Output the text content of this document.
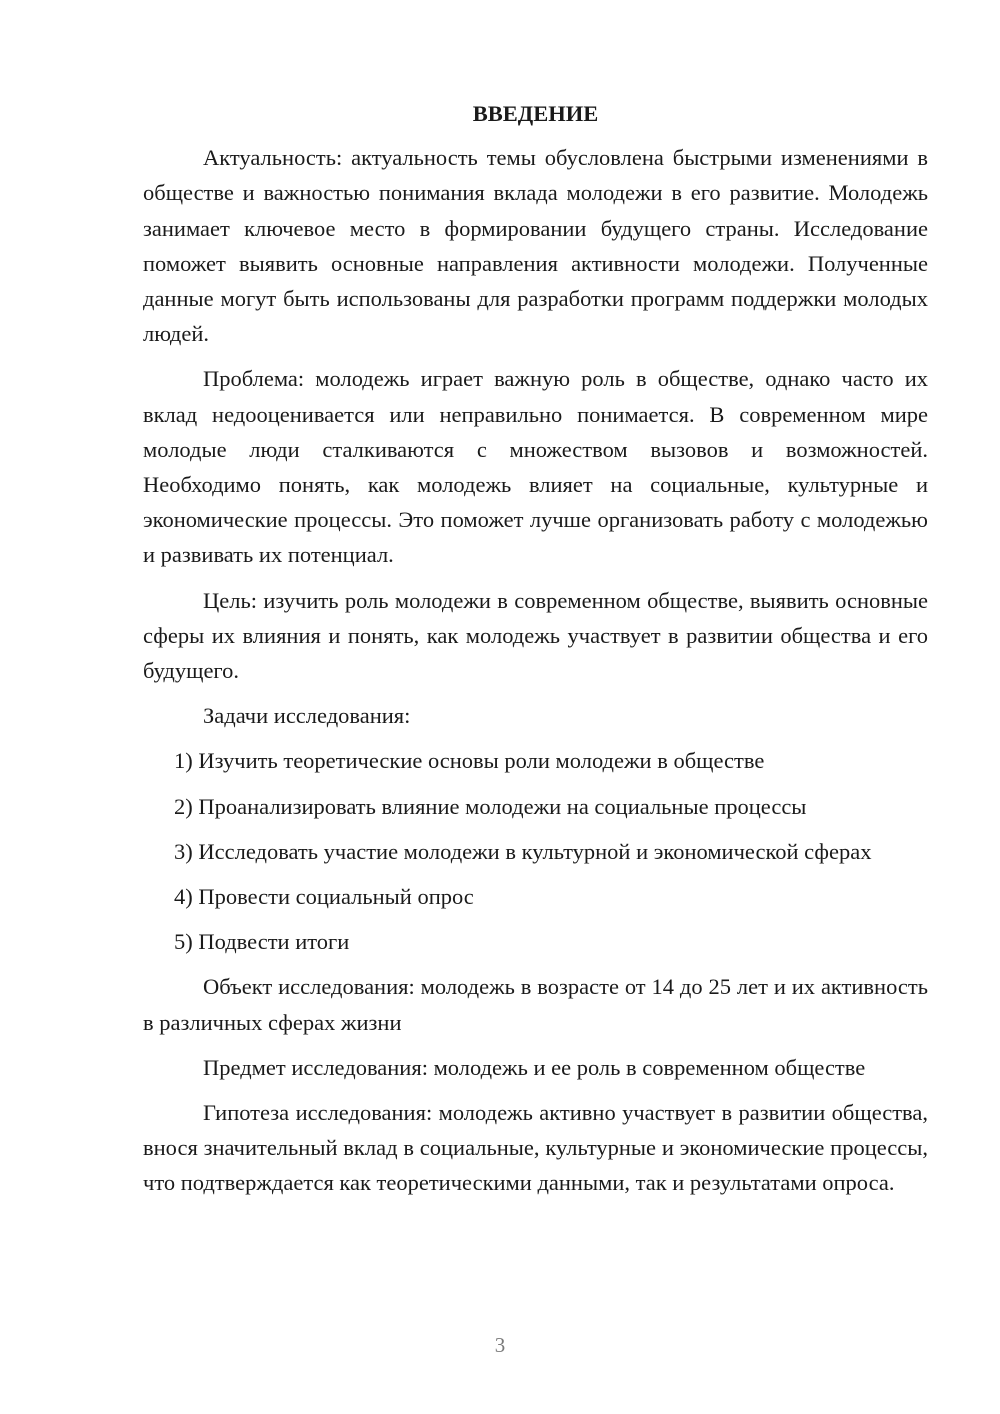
ВВЕДЕНИЕ

Актуальность: актуальность темы обусловлена быстрыми изменениями в обществе и важностью понимания вклада молодежи в его развитие. Молодежь занимает ключевое место в формировании будущего страны. Исследование поможет выявить основные направления активности молодежи. Полученные данные могут быть использованы для разработки программ поддержки молодых людей.

Проблема: молодежь играет важную роль в обществе, однако часто их вклад недооценивается или неправильно понимается. В современном мире молодые люди сталкиваются с множеством вызовов и возможностей. Необходимо понять, как молодежь влияет на социальные, культурные и экономические процессы. Это поможет лучше организовать работу с молодежью и развивать их потенциал.

Цель: изучить роль молодежи в современном обществе, выявить основные сферы их влияния и понять, как молодежь участвует в развитии общества и его будущего.

Задачи исследования:

1) Изучить теоретические основы роли молодежи в обществе

2) Проанализировать влияние молодежи на социальные процессы

3) Исследовать участие молодежи в культурной и экономической сферах

4) Провести социальный опрос

5) Подвести итоги

Объект исследования: молодежь в возрасте от 14 до 25 лет и их активность в различных сферах жизни

Предмет исследования: молодежь и ее роль в современном обществе

Гипотеза исследования: молодежь активно участвует в развитии общества, внося значительный вклад в социальные, культурные и экономические процессы, что подтверждается как теоретическими данными, так и результатами опроса.

3
